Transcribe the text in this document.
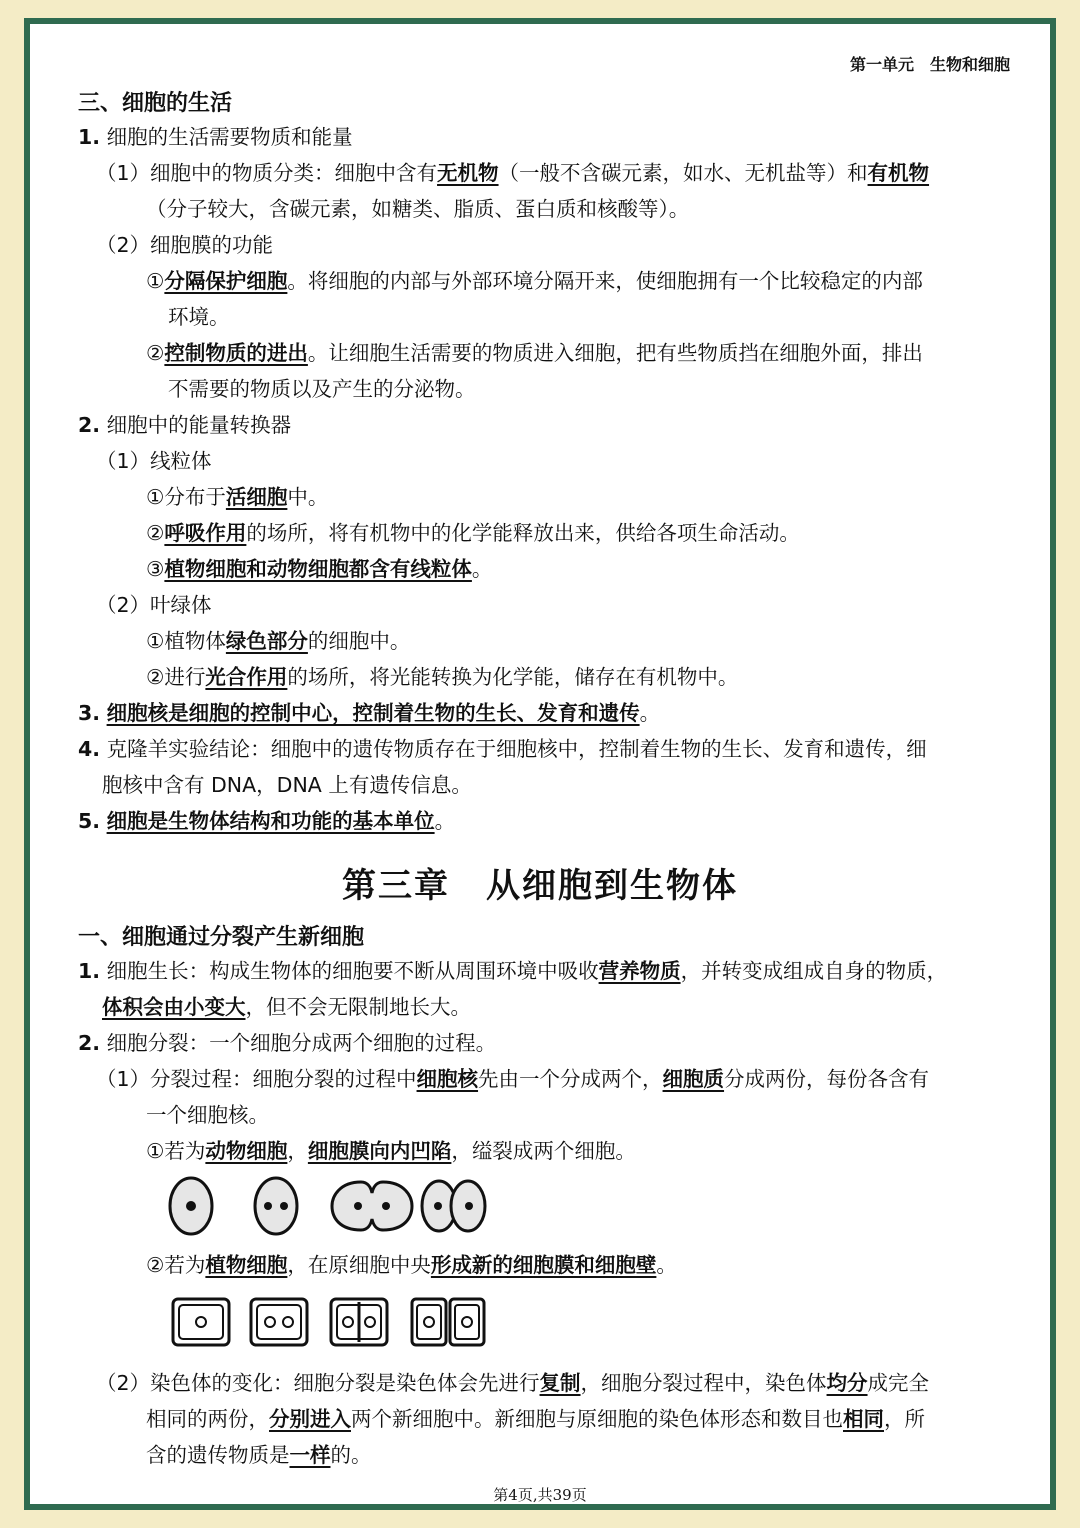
第一单元　生物和细胞
三、细胞的生活
1. 细胞的生活需要物质和能量
（1）细胞中的物质分类：细胞中含有无机物（一般不含碳元素，如水、无机盐等）和有机物
（分子较大，含碳元素，如糖类、脂质、蛋白质和核酸等）。
（2）细胞膜的功能
①分隔保护细胞。将细胞的内部与外部环境分隔开来，使细胞拥有一个比较稳定的内部
环境。
②控制物质的进出。让细胞生活需要的物质进入细胞，把有些物质挡在细胞外面，排出
不需要的物质以及产生的分泌物。
2. 细胞中的能量转换器
（1）线粒体
①分布于活细胞中。
②呼吸作用的场所，将有机物中的化学能释放出来，供给各项生命活动。
③植物细胞和动物细胞都含有线粒体。
（2）叶绿体
①植物体绿色部分的细胞中。
②进行光合作用的场所，将光能转换为化学能，储存在有机物中。
3. 细胞核是细胞的控制中心，控制着生物的生长、发育和遗传。
4. 克隆羊实验结论：细胞中的遗传物质存在于细胞核中，控制着生物的生长、发育和遗传，细
胞核中含有 DNA，DNA 上有遗传信息。
5. 细胞是生物体结构和功能的基本单位。
第三章　从细胞到生物体
一、细胞通过分裂产生新细胞
1. 细胞生长：构成生物体的细胞要不断从周围环境中吸收营养物质，并转变成组成自身的物质，
体积会由小变大，但不会无限制地长大。
2. 细胞分裂：一个细胞分成两个细胞的过程。
（1）分裂过程：细胞分裂的过程中细胞核先由一个分成两个，细胞质分成两份，每份各含有
一个细胞核。
①若为动物细胞，细胞膜向内凹陷，缢裂成两个细胞。
②若为植物细胞，在原细胞中央形成新的细胞膜和细胞壁。
（2）染色体的变化：细胞分裂是染色体会先进行复制，细胞分裂过程中，染色体均分成完全
相同的两份，分别进入两个新细胞中。新细胞与原细胞的染色体形态和数目也相同，所
含的遗传物质是一样的。
第4页,共39页
